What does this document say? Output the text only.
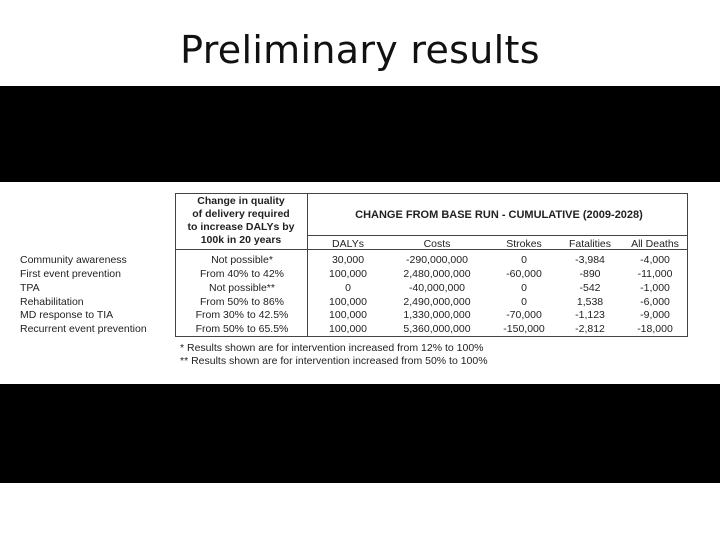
Preliminary results
Change in quality
of delivery required
to increase DALYs by
100k in 20 years
CHANGE FROM BASE RUN - CUMULATIVE (2009-2028)
DALYs	Costs	Strokes	Fatalities	All Deaths
Community awareness	Not possible*	30,000	-290,000,000	0	-3,984	-4,000
First event prevention	From 40% to 42%	100,000	2,480,000,000	-60,000	-890	-11,000
TPA	Not possible**	0	-40,000,000	0	-542	-1,000
Rehabilitation	From 50% to 86%	100,000	2,490,000,000	0	1,538	-6,000
MD response to TIA	From 30% to 42.5%	100,000	1,330,000,000	-70,000	-1,123	-9,000
Recurrent event prevention	From 50% to 65.5%	100,000	5,360,000,000	-150,000	-2,812	-18,000
* Results shown are for intervention increased from 12% to 100%
** Results shown are for intervention increased from 50% to 100%
